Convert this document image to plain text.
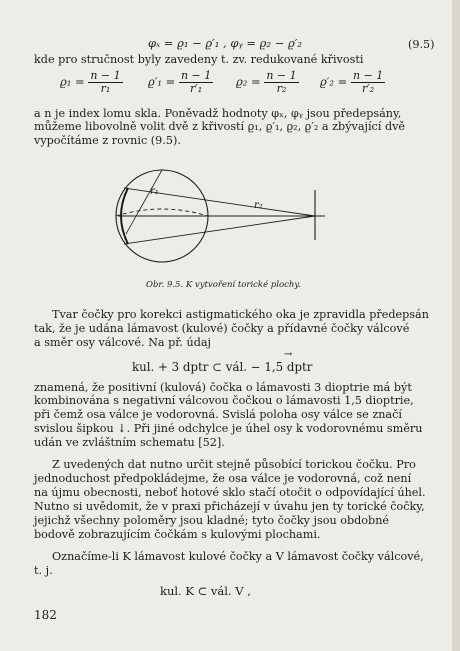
φₓ = ϱ₁ − ϱ′₁ , φᵧ = ϱ₂ − ϱ′₂	(9.5)
kde pro stručnost byly zavedeny t. zv. redukované křivosti
$ϱ_1 = \frac{n - 1}{\text{r₁}} ϱ'_1 = \frac{n - 1}{\text{r′₁}} ϱ_2 = \frac{n - 1}{\text{r₂}} ϱ'_2 = \frac{n - 1}{\text{r′₂}}$
a n je index lomu skla. Poněvadž hodnoty φₓ, φᵧ jsou předepsány,
můžeme libovolně volit dvě z křivostí ϱ₁, ϱ′₁, ϱ₂, ϱ′₂ a zbývající dvě
vypočítáme z rovnic (9.5).
r₁
r₂
Obr. 9.5. K vytvoření torické plochy.
Tvar čočky pro korekci astigmatického oka je zpravidla předepsán
tak, že je udána lámavost (kulové) čočky a přídavné čočky válcové
a směr osy válcové. Na př. údaj
kul. + 3 dptr ⊂ vál. − 1,5 dptr
→
znamená, že positivní (kulová) čočka o lámavosti 3 dioptrie má být
kombinována s negativní válcovou čočkou o lámavosti 1,5 dioptrie,
při čemž osa válce je vodorovná. Svislá poloha osy válce se značí
svislou šipkou ↓. Při jiné odchylce je úhel osy k vodorovnému směru
udán ve zvláštním schematu [52].
Z uvedených dat nutno určit stejně působící torickou čočku. Pro
jednoduchost předpokládejme, že osa válce je vodorovná, což není
na újmu obecnosti, neboť hotové sklo stačí otočit o odpovídající úhel.
Nutno si uvědomit, že v praxi přicházejí v úvahu jen ty torické čočky,
jejichž všechny poloměry jsou kladné; tyto čočky jsou obdobné
bodově zobrazujícím čočkám s kulovými plochami.
Označíme-li K lámavost kulové čočky a V lámavost čočky válcové,
t. j.
kul. K ⊂ vál. V ,
182
